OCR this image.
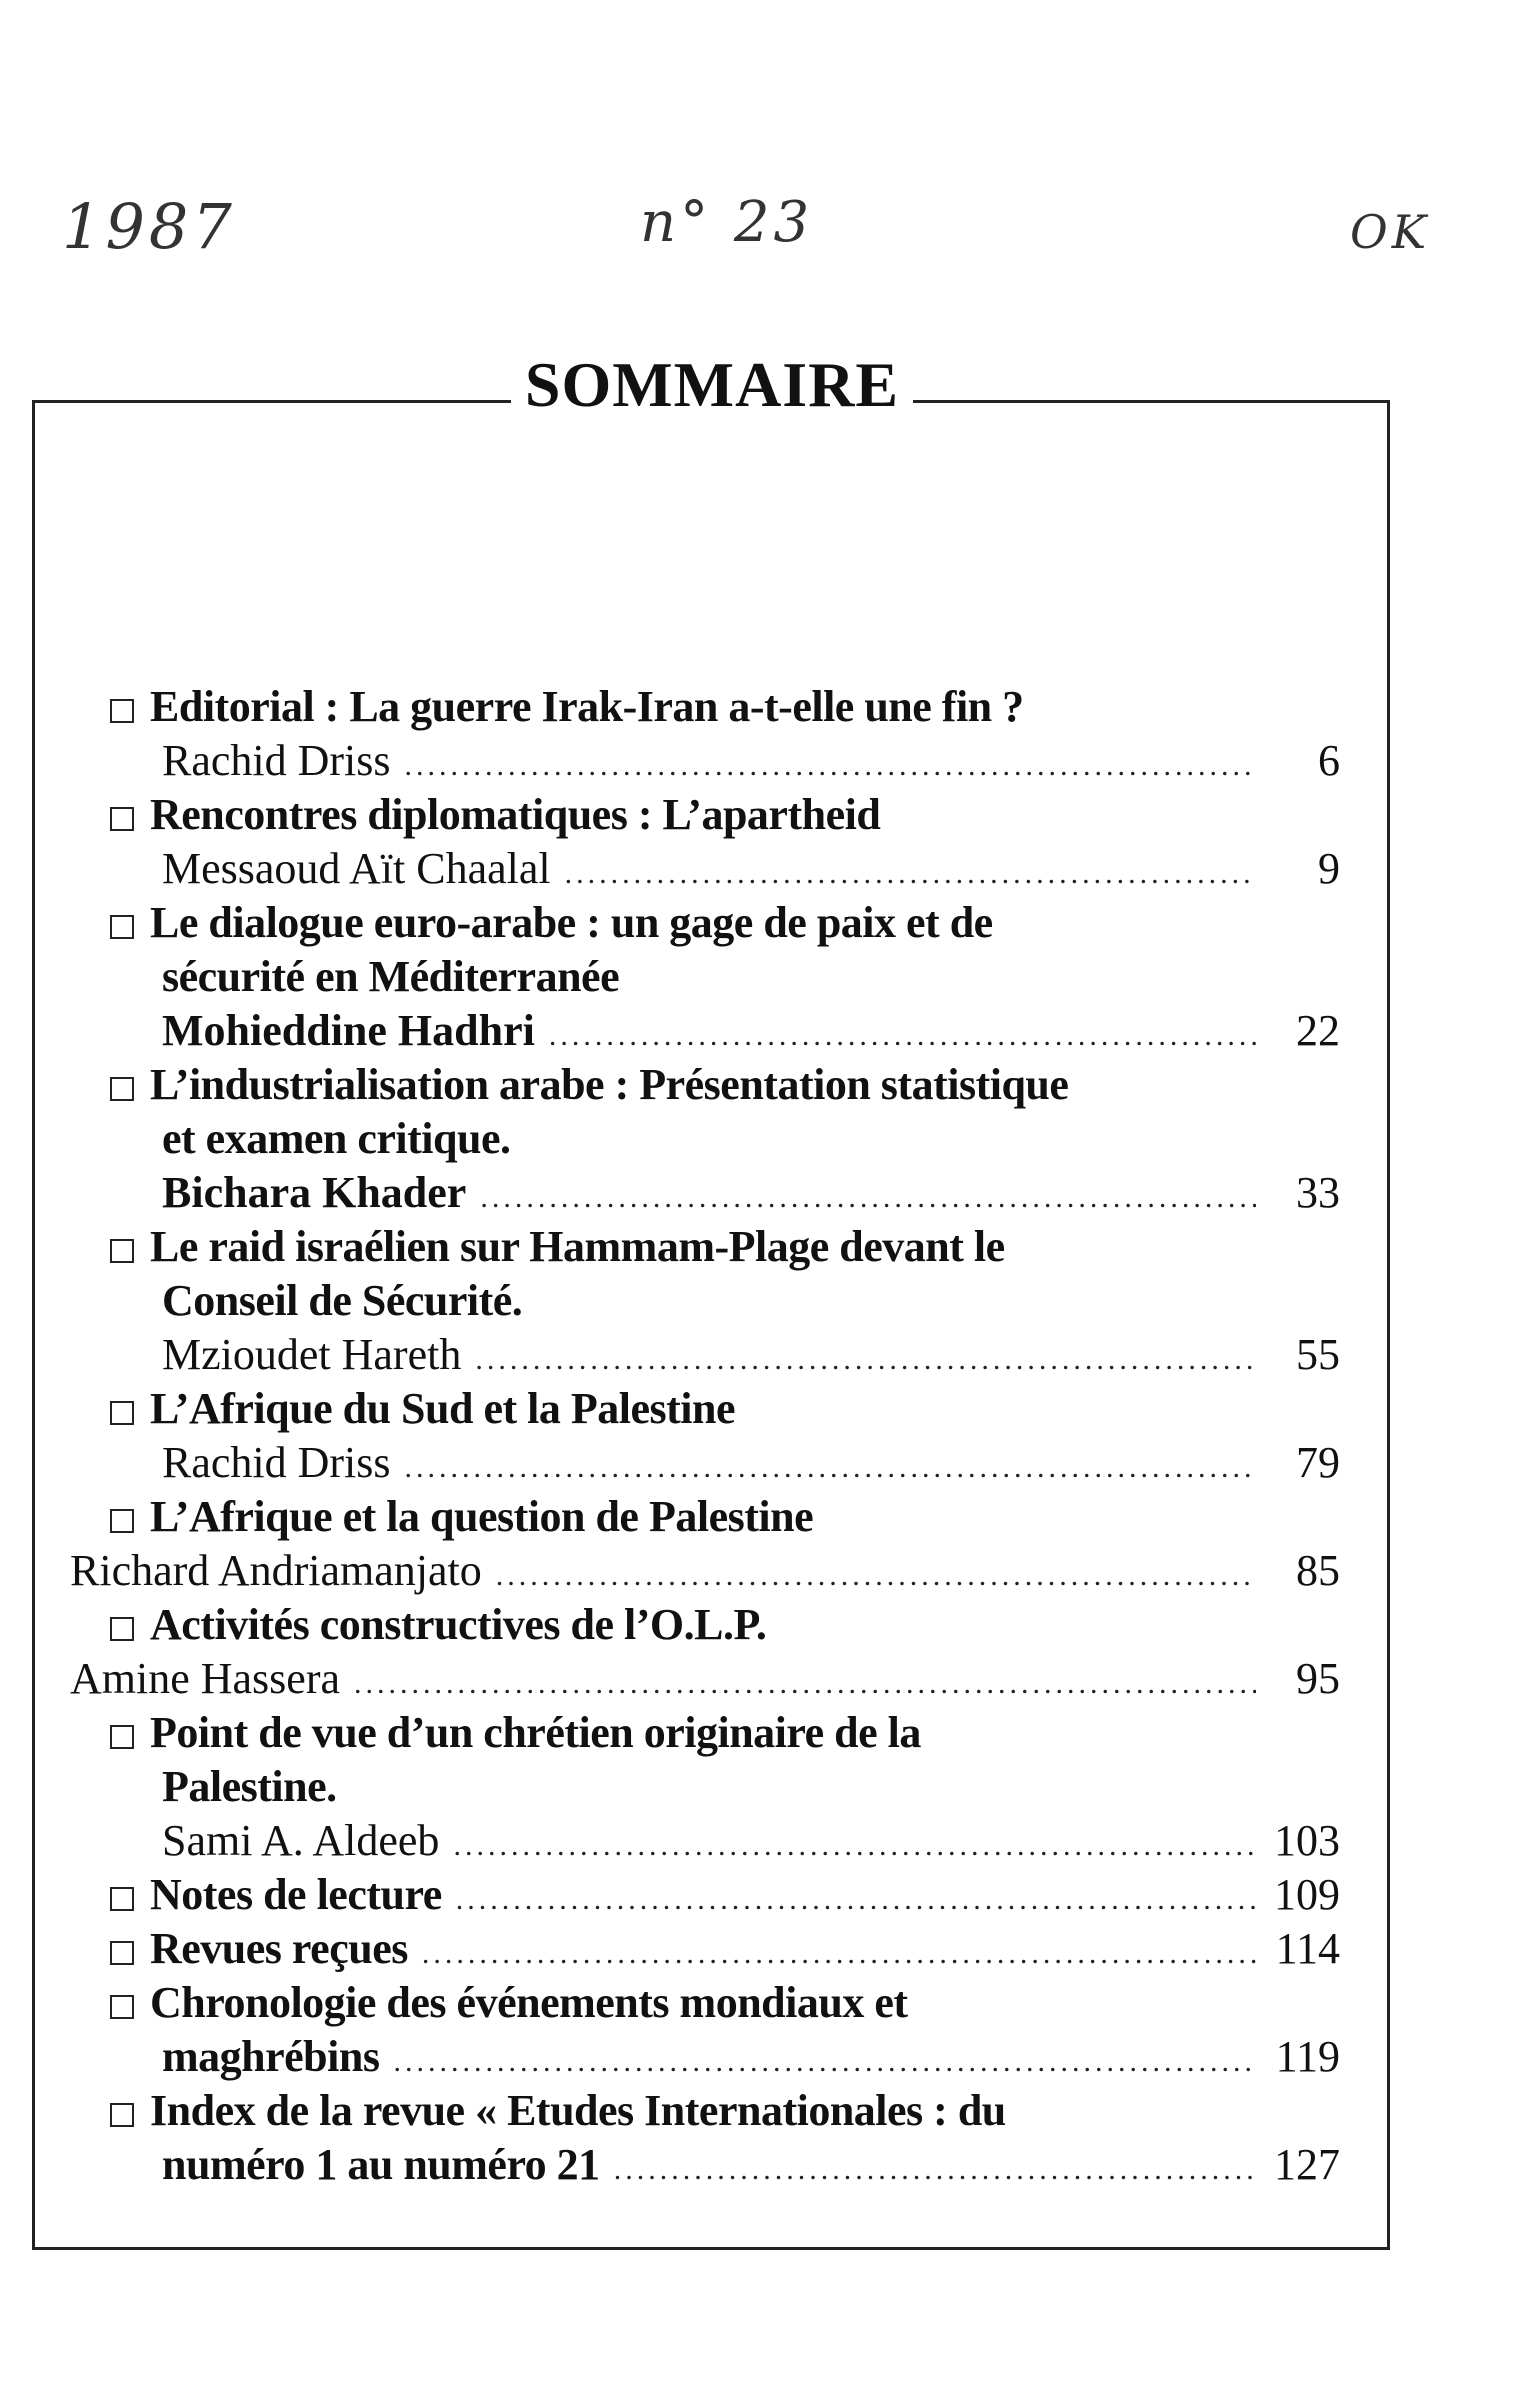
1987	n° 23	OK
SOMMAIRE
Editorial : La guerre Irak-Iran a-t-elle une fin ?
Rachid Driss .....	6
Rencontres diplomatiques : L’apartheid
Messaoud Aït Chaalal .....	9
Le dialogue euro-arabe : un gage de paix et de
sécurité en Méditerranée
Mohieddine Hadhri .....	22
L’industrialisation arabe : Présentation statistique
et examen critique.
Bichara Khader .....	33
Le raid israélien sur Hammam-Plage devant le
Conseil de Sécurité.
Mzioudet Hareth .....	55
L’Afrique du Sud et la Palestine
Rachid Driss .....	79
L’Afrique et la question de Palestine
Richard Andriamanjato .....	85
Activités constructives de l’O.L.P.
Amine Hassera .....	95
Point de vue d’un chrétien originaire de la
Palestine.
Sami A. Aldeeb .....	103
Notes de lecture .....	109
Revues reçues .....	114
Chronologie des événements mondiaux et
maghrébins .....	119
Index de la revue « Etudes Internationales : du
numéro 1 au numéro 21 .....	127
